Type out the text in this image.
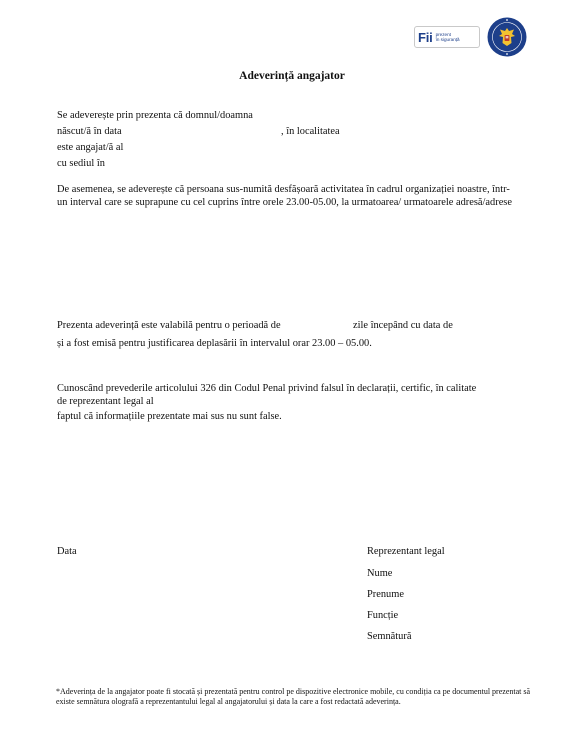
Fii prezent
în siguranță
Adeverință angajator
Se adeverește prin prezenta că domnul/doamna
născut/ă în data	, în localitatea
este angajat/ă al
cu sediul în
De asemenea, se adeverește că persoana sus-numită desfășoară activitatea în cadrul organizației noastre, într-un interval care se suprapune cu cel cuprins între orele 23.00-05.00, la urmatoarea/ urmatoarele adresă/adrese
Prezenta adeverință este valabilă pentru o perioadă de	zile începând cu data de
și a fost emisă pentru justificarea deplasării în intervalul orar 23.00 – 05.00.
Cunoscând prevederile articolului 326 din Codul Penal privind falsul în declarații, certific, în calitate
de reprezentant legal al
faptul că informațiile prezentate mai sus nu sunt false.
Data	Reprezentant legal
Nume
Prenume
Funcție
Semnătură
*Adeverința de la angajator poate fi stocată și prezentată pentru control pe dispozitive electronice mobile, cu condiția ca pe documentul prezentat să existe semnătura olografă a reprezentantului legal al angajatorului și data la care a fost redactată adeverința.
